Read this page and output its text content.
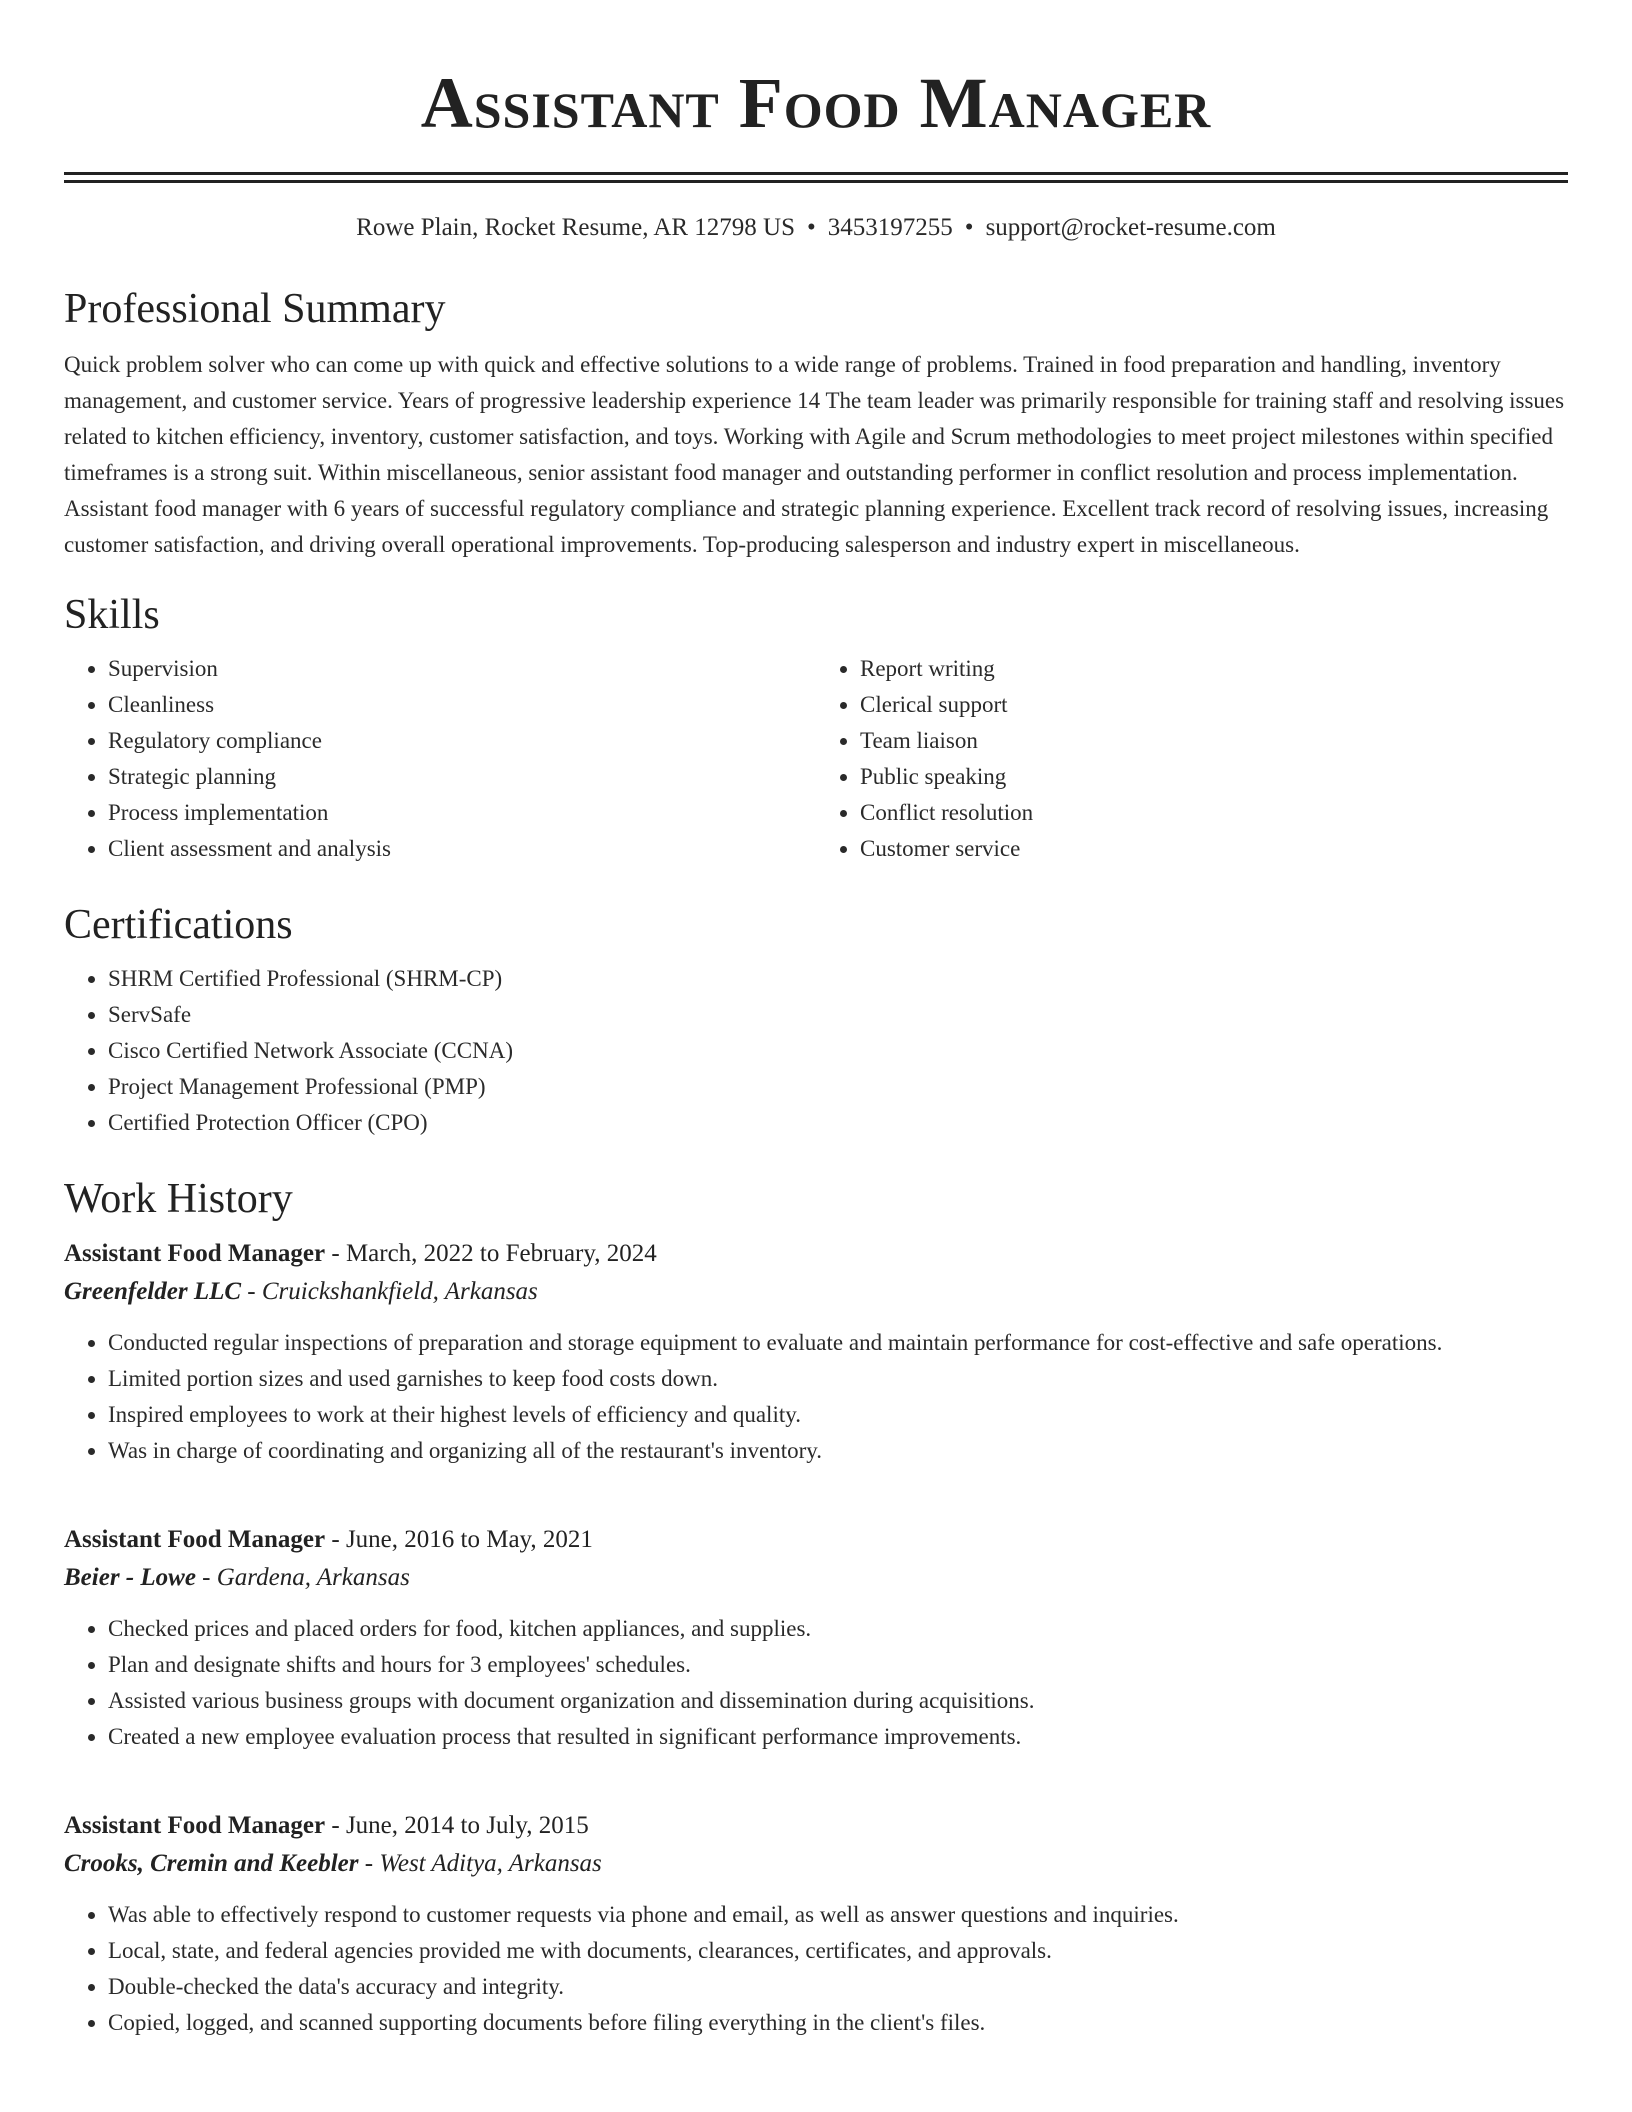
Assistant Food Manager
Rowe Plain, Rocket Resume, AR 12798 US • 3453197255 • support@rocket-resume.com
Professional Summary

Quick problem solver who can come up with quick and effective solutions to a wide range of problems. Trained in food preparation and handling, inventory management, and customer service. Years of progressive leadership experience 14 The team leader was primarily responsible for training staff and resolving issues related to kitchen efficiency, inventory, customer satisfaction, and toys. Working with Agile and Scrum methodologies to meet project milestones within specified timeframes is a strong suit. Within miscellaneous, senior assistant food manager and outstanding performer in conflict resolution and process implementation. Assistant food manager with 6 years of successful regulatory compliance and strategic planning experience. Excellent track record of resolving issues, increasing customer satisfaction, and driving overall operational improvements. Top-producing salesperson and industry expert in miscellaneous.

Skills
• Supervision
• Cleanliness
• Regulatory compliance
• Strategic planning
• Process implementation
• Client assessment and analysis
• Report writing
• Clerical support
• Team liaison
• Public speaking
• Conflict resolution
• Customer service
Certifications
• SHRM Certified Professional (SHRM-CP)
• ServSafe
• Cisco Certified Network Associate (CCNA)
• Project Management Professional (PMP)
• Certified Protection Officer (CPO)
Work History
Assistant Food Manager - March, 2022 to February, 2024
Greenfelder LLC - Cruickshankfield, Arkansas
• Conducted regular inspections of preparation and storage equipment to evaluate and maintain performance for cost-effective and safe operations.
• Limited portion sizes and used garnishes to keep food costs down.
• Inspired employees to work at their highest levels of efficiency and quality.
• Was in charge of coordinating and organizing all of the restaurant's inventory.
Assistant Food Manager - June, 2016 to May, 2021
Beier - Lowe - Gardena, Arkansas
• Checked prices and placed orders for food, kitchen appliances, and supplies.
• Plan and designate shifts and hours for 3 employees' schedules.
• Assisted various business groups with document organization and dissemination during acquisitions.
• Created a new employee evaluation process that resulted in significant performance improvements.
Assistant Food Manager - June, 2014 to July, 2015
Crooks, Cremin and Keebler - West Aditya, Arkansas
• Was able to effectively respond to customer requests via phone and email, as well as answer questions and inquiries.
• Local, state, and federal agencies provided me with documents, clearances, certificates, and approvals.
• Double-checked the data's accuracy and integrity.
• Copied, logged, and scanned supporting documents before filing everything in the client's files.
